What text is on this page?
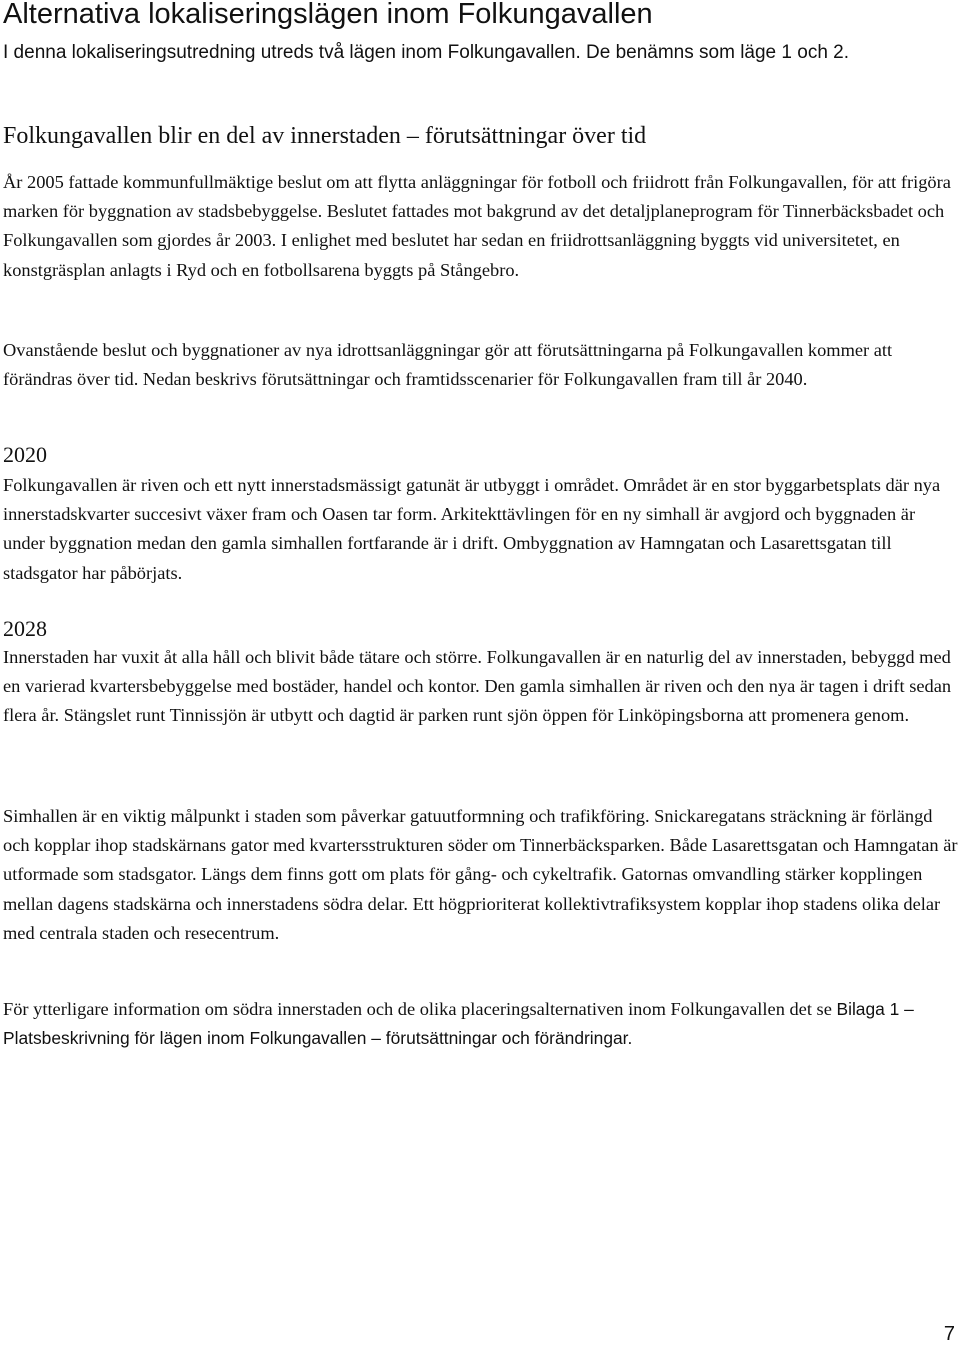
Alternativa lokaliseringslägen inom Folkungavallen

I denna lokaliseringsutredning utreds två lägen inom Folkungavallen. De benämns som läge 1 och 2.

Folkungavallen blir en del av innerstaden – förutsättningar över tid

År 2005 fattade kommunfullmäktige beslut om att flytta anläggningar för fotboll och friidrott från Folkungavallen, för att frigöra marken för byggnation av stadsbebyggelse. Beslutet fattades mot bakgrund av det detaljplaneprogram för Tinnerbäcksbadet och Folkungavallen som gjordes år 2003. I enlighet med beslutet har sedan en friidrottsanläggning byggts vid universitetet, en konstgräsplan anlagts i Ryd och en fotbollsarena byggts på Stångebro.

Ovanstående beslut och byggnationer av nya idrottsanläggningar gör att förutsättningarna på Folkungavallen kommer att förändras över tid. Nedan beskrivs förutsättningar och framtidsscenarier för Folkungavallen fram till år 2040.

2020

Folkungavallen är riven och ett nytt innerstadsmässigt gatunät är utbyggt i området. Området är en stor byggarbetsplats där nya innerstadskvarter succesivt växer fram och Oasen tar form. Arkitekttävlingen för en ny simhall är avgjord och byggnaden är under byggnation medan den gamla simhallen fortfarande är i drift. Ombyggnation av Hamngatan och Lasarettsgatan till stadsgator har påbörjats.

2028

Innerstaden har vuxit åt alla håll och blivit både tätare och större. Folkungavallen är en naturlig del av innerstaden, bebyggd med en varierad kvartersbebyggelse med bostäder, handel och kontor. Den gamla simhallen är riven och den nya är tagen i drift sedan flera år. Stängslet runt Tinnissjön är utbytt och dagtid är parken runt sjön öppen för Linköpingsborna att promenera genom.

Simhallen är en viktig målpunkt i staden som påverkar gatuutformning och trafikföring. Snickaregatans sträckning är förlängd och kopplar ihop stadskärnans gator med kvartersstrukturen söder om Tinnerbäcksparken. Både Lasarettsgatan och Hamngatan är utformade som stadsgator. Längs dem finns gott om plats för gång- och cykeltrafik. Gatornas omvandling stärker kopplingen mellan dagens stadskärna och innerstadens södra delar. Ett högprioriterat kollektivtrafiksystem kopplar ihop stadens olika delar med centrala staden och resecentrum.

För ytterligare information om södra innerstaden och de olika placeringsalternativen inom Folkungavallen det se Bilaga 1 – Platsbeskrivning för lägen inom Folkungavallen – förutsättningar och förändringar.

7
